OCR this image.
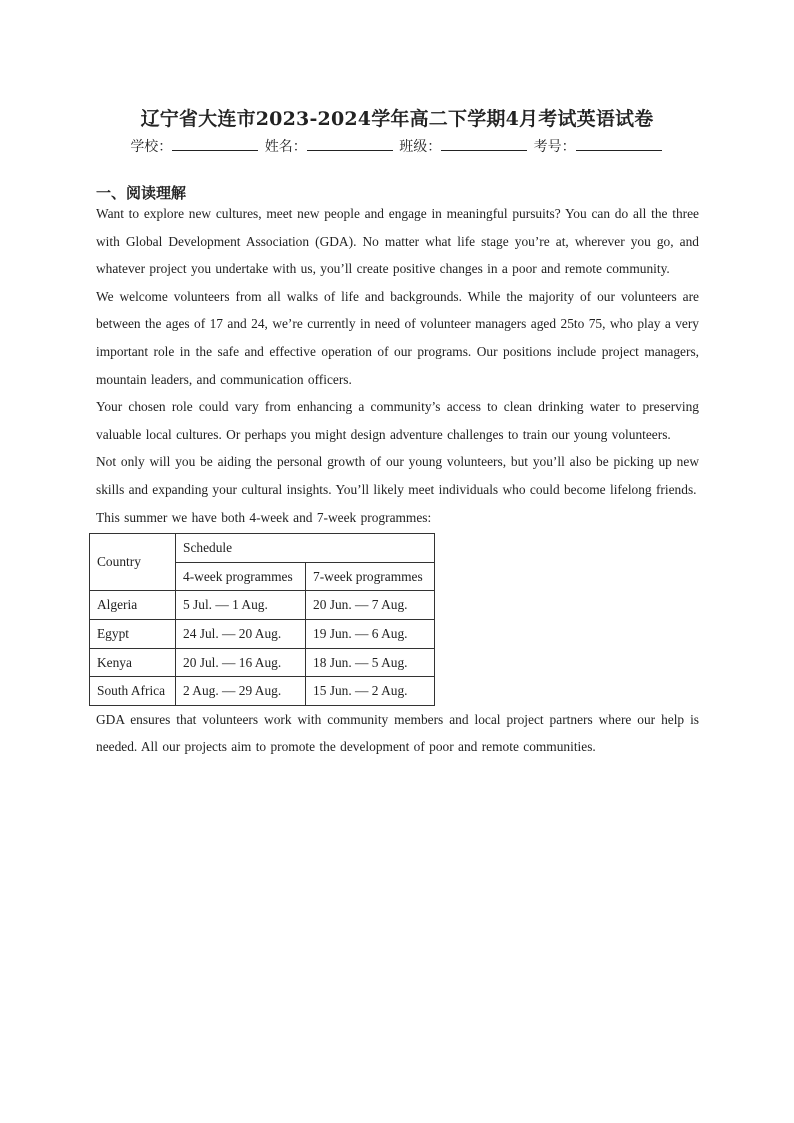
辽宁省大连市2023-2024学年高二下学期4月考试英语试卷
学校：	姓名：	班级：	考号：
一、阅读理解

Want to explore new cultures, meet new people and engage in meaningful pursuits? You can do all the three with Global Development Association (GDA). No matter what life stage you’re at, wherever you go, and whatever project you undertake with us, you’ll create positive changes in a poor and remote community.

We welcome volunteers from all walks of life and backgrounds. While the majority of our volunteers are between the ages of 17 and 24, we’re currently in need of volunteer managers aged 25to 75, who play a very important role in the safe and effective operation of our programs. Our positions include project managers, mountain leaders, and communication officers.

Your chosen role could vary from enhancing a community’s access to clean drinking water to preserving valuable local cultures. Or perhaps you might design adventure challenges to train our young volunteers.

Not only will you be aiding the personal growth of our young volunteers, but you’ll also be picking up new skills and expanding your cultural insights. You’ll likely meet individuals who could become lifelong friends.

This summer we have both 4-week and 7-week programmes:

Country	Schedule	
	4-week programmes	7-week programmes
Algeria	5 Jul. — 1 Aug.	20 Jun. — 7 Aug.
Egypt	24 Jul. — 20 Aug.	19 Jun. — 6 Aug.
Kenya	20 Jul. — 16 Aug.	18 Jun. — 5 Aug.
South Africa	2 Aug. — 29 Aug.	15 Jun. — 2 Aug.

GDA ensures that volunteers work with community members and local project partners where our help is needed. All our projects aim to promote the development of poor and remote communities.
